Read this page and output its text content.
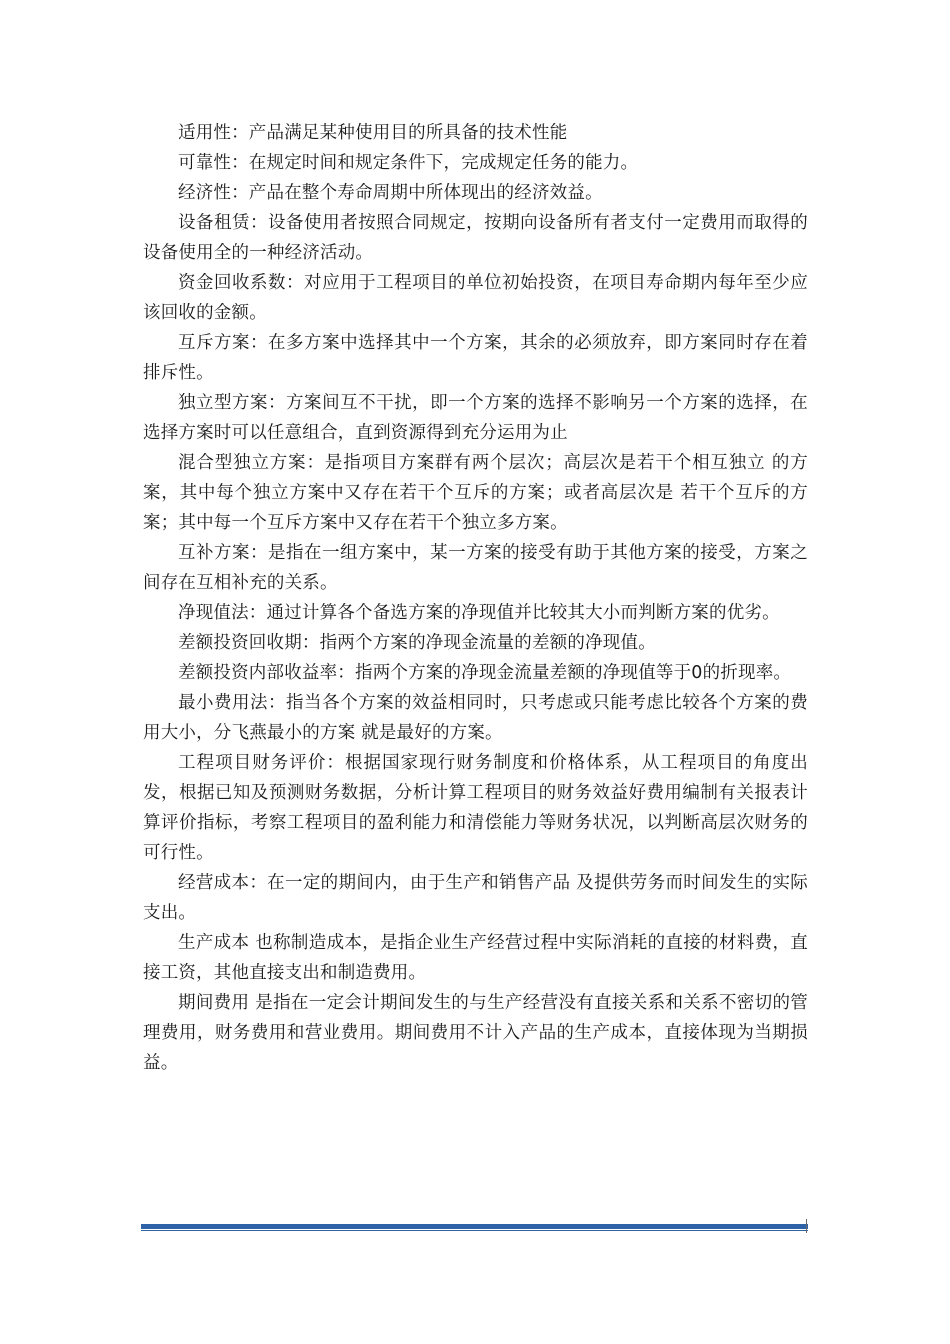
适用性：产品满足某种使用目的所具备的技术性能

可靠性：在规定时间和规定条件下，完成规定任务的能力。

经济性：产品在整个寿命周期中所体现出的经济效益。

设备租赁：设备使用者按照合同规定，按期向设备所有者支付一定费用而取得的设备使用全的一种经济活动。

资金回收系数：对应用于工程项目的单位初始投资，在项目寿命期内每年至少应该回收的金额。

互斥方案：在多方案中选择其中一个方案，其余的必须放弃，即方案同时存在着排斥性。

独立型方案：方案间互不干扰，即一个方案的选择不影响另一个方案的选择，在选择方案时可以任意组合，直到资源得到充分运用为止

混合型独立方案：是指项目方案群有两个层次；高层次是若干个相互独立 的方案，其中每个独立方案中又存在若干个互斥的方案；或者高层次是 若干个互斥的方案；其中每一个互斥方案中又存在若干个独立多方案。

互补方案：是指在一组方案中，某一方案的接受有助于其他方案的接受，方案之间存在互相补充的关系。

净现值法：通过计算各个备选方案的净现值并比较其大小而判断方案的优劣。

差额投资回收期：指两个方案的净现金流量的差额的净现值。

差额投资内部收益率：指两个方案的净现金流量差额的净现值等于0的折现率。

最小费用法：指当各个方案的效益相同时，只考虑或只能考虑比较各个方案的费用大小，分飞燕最小的方案 就是最好的方案。

工程项目财务评价：根据国家现行财务制度和价格体系，从工程项目的角度出发，根据已知及预测财务数据，分析计算工程项目的财务效益好费用编制有关报表计算评价指标，考察工程项目的盈利能力和清偿能力等财务状况，以判断高层次财务的可行性。

经营成本：在一定的期间内，由于生产和销售产品 及提供劳务而时间发生的实际支出。

生产成本 也称制造成本，是指企业生产经营过程中实际消耗的直接的材料费，直接工资，其他直接支出和制造费用。

期间费用 是指在一定会计期间发生的与生产经营没有直接关系和关系不密切的管理费用，财务费用和营业费用。期间费用不计入产品的生产成本，直接体现为当期损益。
